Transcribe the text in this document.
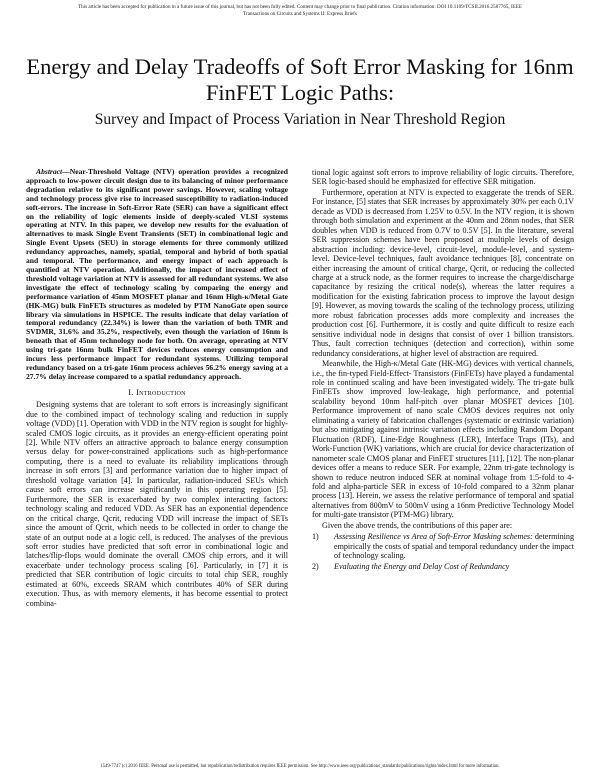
This article has been accepted for publication in a future issue of this journal, but has not been fully edited. Content may change prior to final publication. Citation information: DOI 10.1109/TCSII.2016.2587765, IEEE
Transactions on Circuits and Systems II: Express Briefs
Energy and Delay Tradeoffs of Soft Error Masking for 16nm FinFET Logic Paths:
Survey and Impact of Process Variation in Near Threshold Region

Abstract—Near-Threshold Voltage (NTV) operation provides a recognized approach to low-power circuit design due to its balancing of minor performance degradation relative to its significant power savings. However, scaling voltage and technology process give rise to increased susceptibility to radiation-induced soft-errors. The increase in Soft-Error Rate (SER) can have a significant effect on the reliability of logic elements inside of deeply-scaled VLSI systems operating at NTV. In this paper, we develop new results for the evaluation of alternatives to mask Single Event Transients (SET) in combinational logic and Single Event Upsets (SEU) in storage elements for three commonly utilized redundancy approaches, namely, spatial, temporal and hybrid of both spatial and temporal. The performance, and energy impact of each approach is quantified at NTV operation. Additionally, the impact of increased effect of threshold voltage variation at NTV is assessed for all redundant systems. We also investigate the effect of technology scaling by comparing the energy and performance variation of 45nm MOSFET planar and 16nm High-κ/Metal Gate (HK-MG) bulk FinFETs structures as modeled by PTM NanoGate open source library via simulations in HSPICE. The results indicate that delay variation of temporal redundancy (22.34%) is lower than the variation of both TMR and SVDMR, 31.6% and 35.2%, respectively, even though the variation of 16nm is beneath that of 45nm technology node for both. On average, operating at NTV using tri-gate 16nm bulk FinFET devices reduces energy consumption and incurs less performance impact for redundant systems. Utilizing temporal redundancy based on a tri-gate 16nm process achieves 56.2% energy saving at a 27.7% delay increase compared to a spatial redundancy approach.

I. Introduction

Designing systems that are tolerant to soft errors is increasingly significant due to the combined impact of technology scaling and reduction in supply voltage (VDD) [1]. Operation with VDD in the NTV region is sought for highly-scaled CMOS logic circuits, as it provides an energy-efficient operating point [2]. While NTV offers an attractive approach to balance energy consumption versus delay for power-constrained applications such as high-performance computing, there is a need to evaluate its reliability implications through increase in soft errors [3] and performance variation due to higher impact of threshold voltage variation [4]. In particular, radiation-induced SEUs which cause soft errors can increase significantly in this operating region [5]. Furthermore, the SER is exacerbated by two complex interacting factors: technology scaling and reduced VDD. As SER has an exponential dependence on the critical charge, Qcrit, reducing VDD will increase the impact of SETs since the amount of Qcrit, which needs to be collected in order to change the state of an output node at a logic cell, is reduced. The analyses of the previous soft error studies have predicted that soft error in combinational logic and latches/flip-flops would dominate the overall CMOS chip errors, and it will exacerbate under technology process scaling [6]. Particularly, in [7] it is predicted that SER contribution of logic circuits to total chip SER, roughly estimated at 60%, exceeds SRAM which contributes 40% of SER during execution. Thus, as with memory elements, it has become essential to protect combina-

tional logic against soft errors to improve reliability of logic circuits. Therefore, SER logic-based should be emphasized for effective SER mitigation.

Furthermore, operation at NTV is expected to exaggerate the trends of SER. For instance, [5] states that SER increases by approximately 30% per each 0.1V decade as VDD is decreased from 1.25V to 0.5V. In the NTV region, it is shown through both simulation and experiment at the 40nm and 28nm nodes, that SER doubles when VDD is reduced from 0.7V to 0.5V [5]. In the literature, several SER suppression schemes have been proposed at multiple levels of design abstraction including: device-level, circuit-level, module-level, and system-level. Device-level techniques, fault avoidance techniques [8], concentrate on either increasing the amount of critical charge, Qcrit, or reducing the collected charge at a struck node, as the former requires to increase the charge/discharge capacitance by resizing the critical node(s), whereas the latter requires a modification for the existing fabrication process to improve the layout design [9]. However, as moving towards the scaling of the technology process, utilizing more robust fabrication processes adds more complexity and increases the production cost [6]. Furthermore, it is costly and quite difficult to resize each sensitive individual node in designs that consist of over 1 billion transistors. Thus, fault correction techniques (detection and correction), within some redundancy considerations, at higher level of abstraction are required.

Meanwhile, the High-κ/Metal Gate (HK-MG) devices with vertical channels, i.e., the fin-typed Field-Effect- Transistors (FinFETs) have played a fundamental role in continued scaling and have been investigated widely. The tri-gate bulk FinFETs show improved low-leakage, high performance, and potential scalability beyond 10nm half-pitch over planar MOSFET devices [10]. Performance improvement of nano scale CMOS devices requires not only eliminating a variety of fabrication challenges (systematic or extrinsic variation) but also mitigating against intrinsic variation effects including Random Dopant Fluctuation (RDF), Line-Edge Roughness (LER), Interface Traps (ITs), and Work-Function (WK) variations, which are crucial for device characterization of nanometer scale CMOS planar and FinFET structures [11], [12]. The non-planar devices offer a means to reduce SER. For example, 22nm tri-gate technology is shown to reduce neutron induced SER at nominal voltage from 1.5-fold to 4-fold and alpha-particle SER in excess of 10-fold compared to a 32nm planar process [13]. Herein, we assess the relative performance of temporal and spatial alternatives from 800mV to 500mV using a 16nm Predictive Technology Model for multi-gate transistor (PTM-MG) library.

Given the above trends, the contributions of this paper are:

1)	Assessing Resilience vs Area of Soft-Error Masking schemes: determining empirically the costs of spatial and temporal redundancy under the impact of technology scaling.
2)	Evaluating the Energy and Delay Cost of Redundancy
1549-7747 (c) 2016 IEEE. Personal use is permitted, but republication/redistribution requires IEEE permission. See http://www.ieee.org/publications_standards/publications/rights/index.html for more information.
